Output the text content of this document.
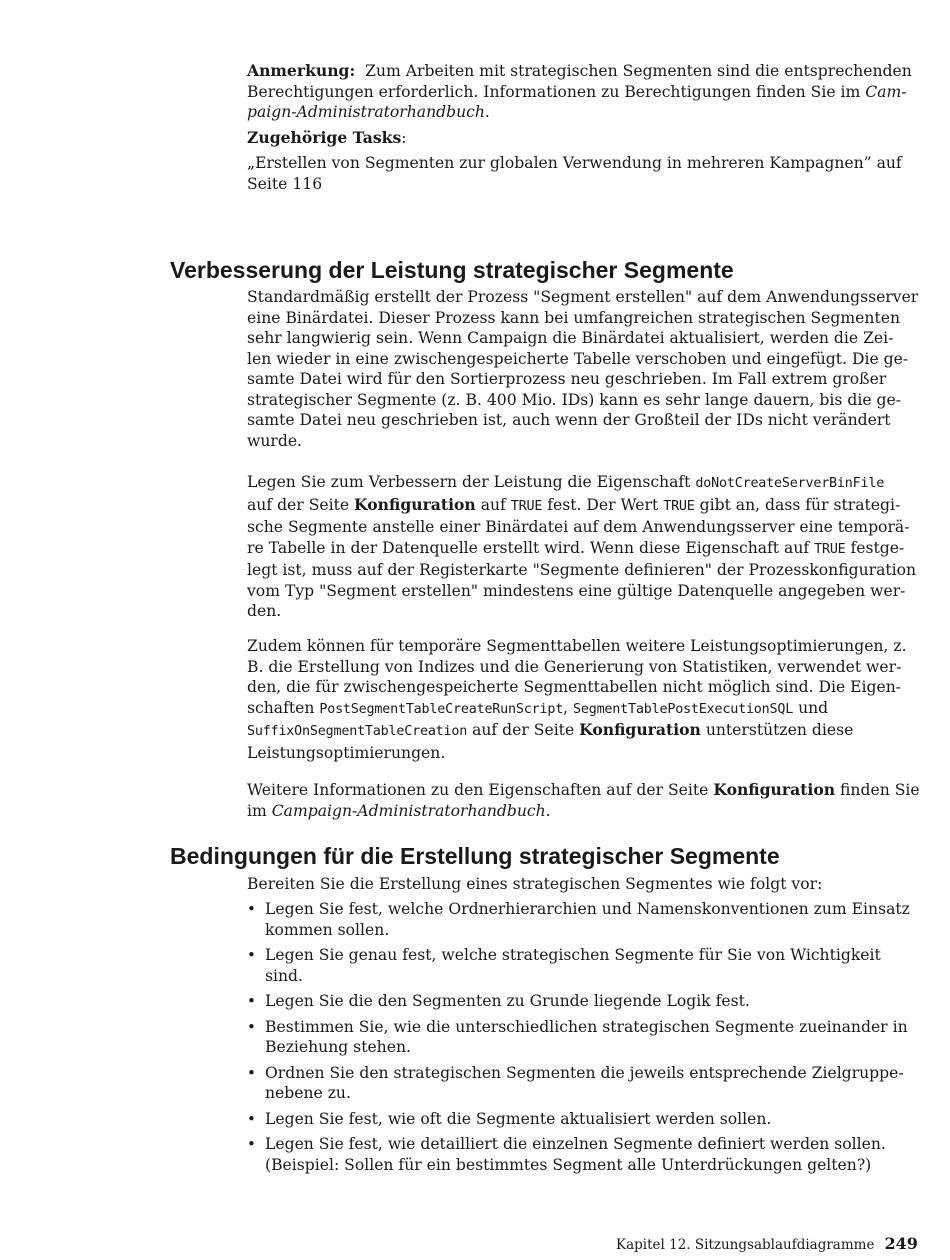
Anmerkung: Zum Arbeiten mit strategischen Segmenten sind die entsprechenden
Berechtigungen erforderlich. Informationen zu Berechtigungen finden Sie im Cam-
paign-Administratorhandbuch.
Zugehörige Tasks:
„Erstellen von Segmenten zur globalen Verwendung in mehreren Kampagnen” auf
Seite 116
Verbesserung der Leistung strategischer Segmente
Standardmäßig erstellt der Prozess "Segment erstellen" auf dem Anwendungsserver
eine Binärdatei. Dieser Prozess kann bei umfangreichen strategischen Segmenten
sehr langwierig sein. Wenn Campaign die Binärdatei aktualisiert, werden die Zei-
len wieder in eine zwischengespeicherte Tabelle verschoben und eingefügt. Die ge-
samte Datei wird für den Sortierprozess neu geschrieben. Im Fall extrem großer
strategischer Segmente (z. B. 400 Mio. IDs) kann es sehr lange dauern, bis die ge-
samte Datei neu geschrieben ist, auch wenn der Großteil der IDs nicht verändert
wurde.
Legen Sie zum Verbessern der Leistung die Eigenschaft doNotCreateServerBinFile
auf der Seite Konfiguration auf TRUE fest. Der Wert TRUE gibt an, dass für strategi-
sche Segmente anstelle einer Binärdatei auf dem Anwendungsserver eine temporä-
re Tabelle in der Datenquelle erstellt wird. Wenn diese Eigenschaft auf TRUE festge-
legt ist, muss auf der Registerkarte "Segmente definieren" der Prozesskonfiguration
vom Typ "Segment erstellen" mindestens eine gültige Datenquelle angegeben wer-
den.
Zudem können für temporäre Segmenttabellen weitere Leistungsoptimierungen, z.
B. die Erstellung von Indizes und die Generierung von Statistiken, verwendet wer-
den, die für zwischengespeicherte Segmenttabellen nicht möglich sind. Die Eigen-
schaften PostSegmentTableCreateRunScript, SegmentTablePostExecutionSQL und
SuffixOnSegmentTableCreation auf der Seite Konfiguration unterstützen diese
Leistungsoptimierungen.
Weitere Informationen zu den Eigenschaften auf der Seite Konfiguration finden Sie
im Campaign-Administratorhandbuch.
Bedingungen für die Erstellung strategischer Segmente
Bereiten Sie die Erstellung eines strategischen Segmentes wie folgt vor:
• Legen Sie fest, welche Ordnerhierarchien und Namenskonventionen zum Einsatz
kommen sollen.
• Legen Sie genau fest, welche strategischen Segmente für Sie von Wichtigkeit
sind.
• Legen Sie die den Segmenten zu Grunde liegende Logik fest.
• Bestimmen Sie, wie die unterschiedlichen strategischen Segmente zueinander in
Beziehung stehen.
• Ordnen Sie den strategischen Segmenten die jeweils entsprechende Zielgruppe-
nebene zu.
• Legen Sie fest, wie oft die Segmente aktualisiert werden sollen.
• Legen Sie fest, wie detailliert die einzelnen Segmente definiert werden sollen.
(Beispiel: Sollen für ein bestimmtes Segment alle Unterdrückungen gelten?)
Kapitel 12. Sitzungsablaufdiagramme 249
